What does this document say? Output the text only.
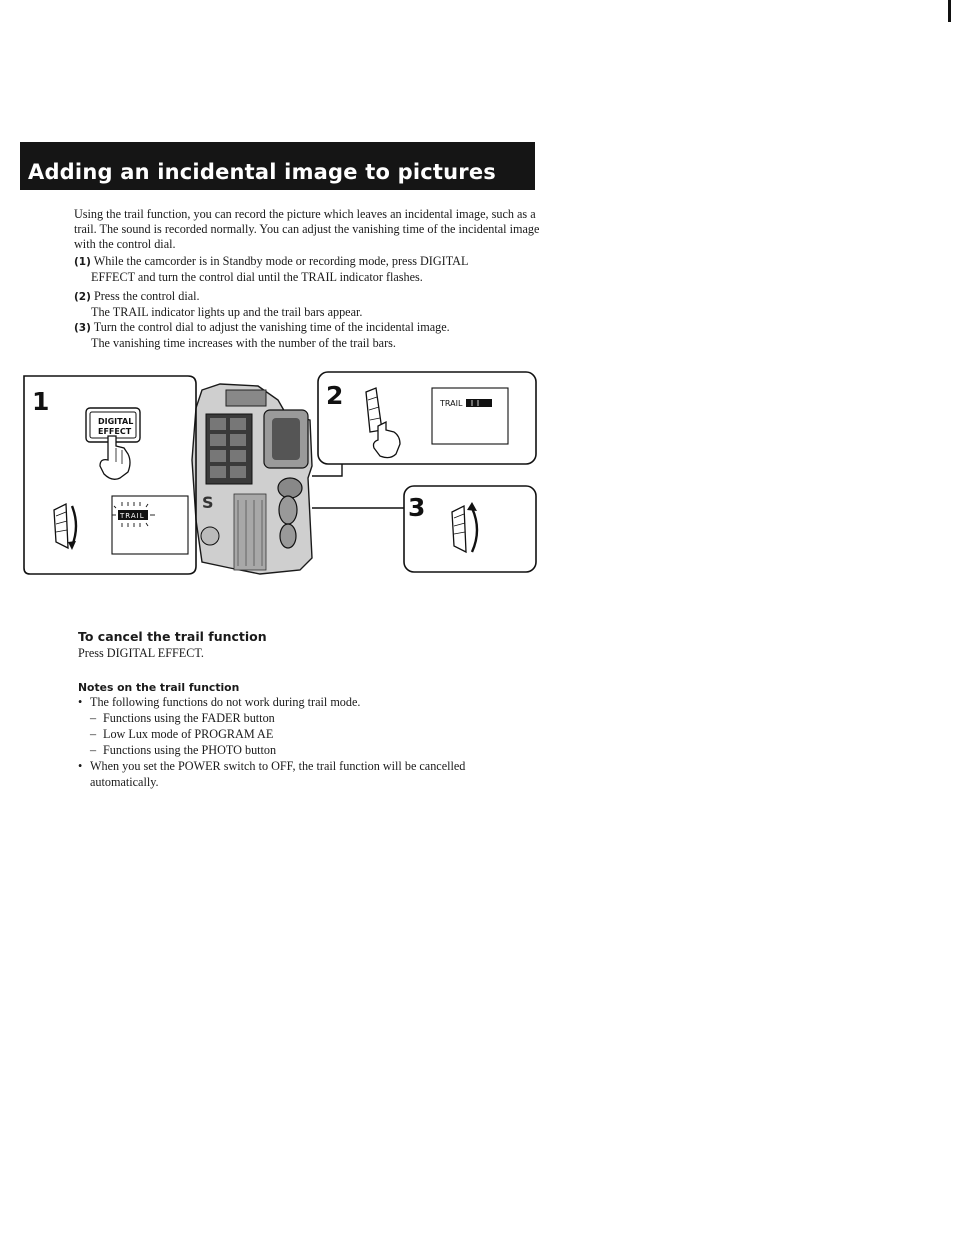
Adding an incidental image to pictures

Using the trail function, you can record the picture which leaves an incidental image, such as a trail. The sound is recorded normally. You can adjust the vanishing time of the incidental image with the control dial.

(1) While the camcorder is in Standby mode or recording mode, press DIGITAL
EFFECT and turn the control dial until the TRAIL indicator flashes.

(2) Press the control dial.
The TRAIL indicator lights up and the trail bars appear.

(3) Turn the control dial to adjust the vanishing time of the incidental image.
The vanishing time increases with the number of the trail bars.

S
1
DIGITAL
EFFECT
TRAIL
2	TRAIL
3
To cancel the trail function

Press DIGITAL EFFECT.

Notes on the trail function
• The following functions do not work during trail mode.
– Functions using the FADER button
– Low Lux mode of PROGRAM AE
– Functions using the PHOTO button
• When you set the POWER switch to OFF, the trail function will be cancelled
automatically.
